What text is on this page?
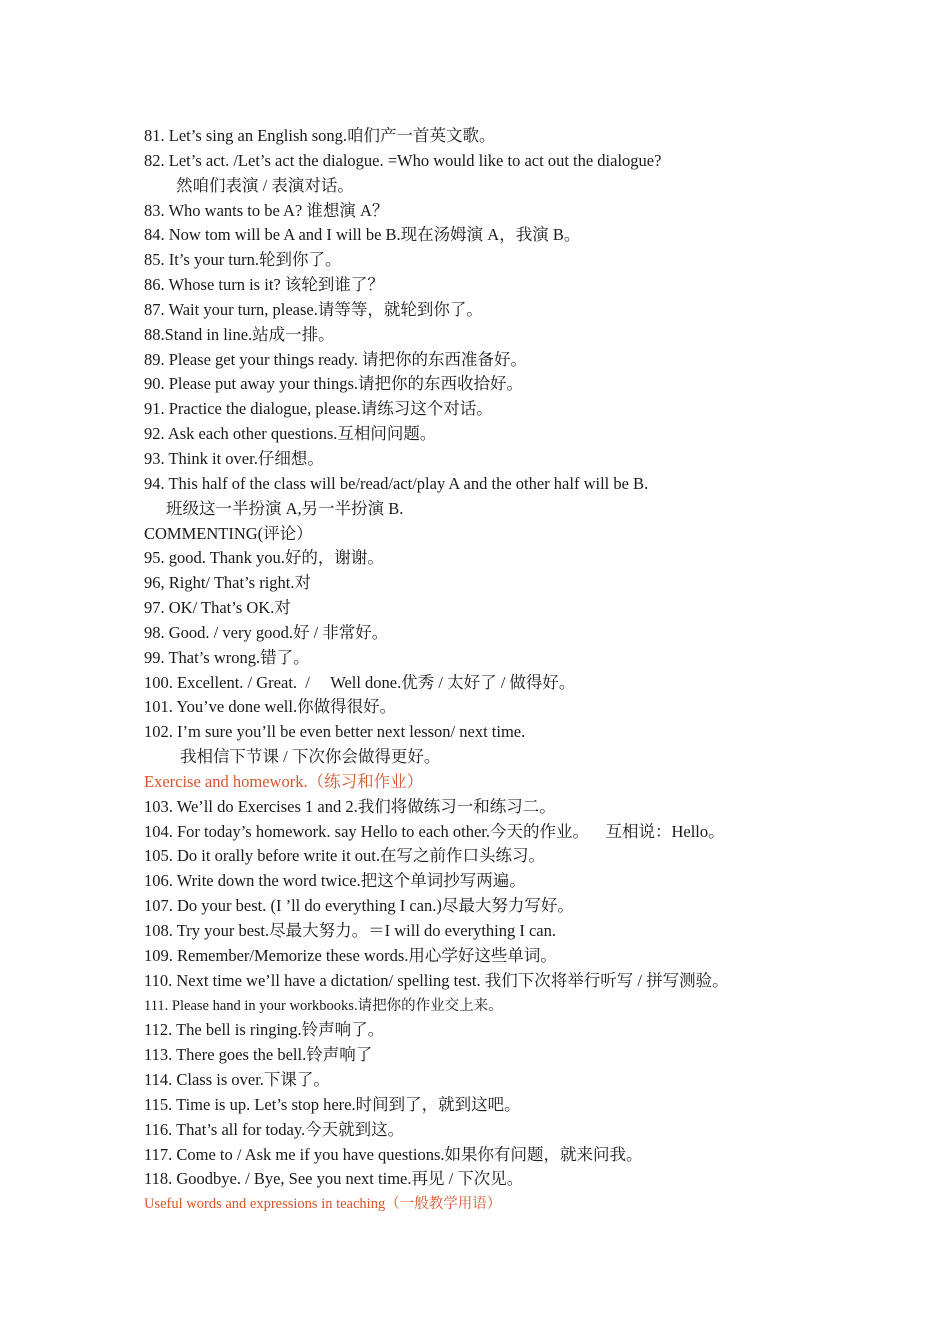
81. Let’s sing an English song.咱们产一首英文歌。
82. Let’s act. /Let’s act the dialogue. =Who would like to act out the dialogue?
然咱们表演 / 表演对话。
83. Who wants to be A? 谁想演 A？
84. Now tom will be A and I will be B.现在汤姆演 A，我演 B。
85. It’s your turn.轮到你了。
86. Whose turn is it? 该轮到谁了？
87. Wait your turn, please.请等等，就轮到你了。
88.Stand in line.站成一排。
89. Please get your things ready. 请把你的东西准备好。
90. Please put away your things.请把你的东西收拾好。
91. Practice the dialogue, please.请练习这个对话。
92. Ask each other questions.互相问问题。
93. Think it over.仔细想。
94. This half of the class will be/read/act/play A and the other half will be B.
班级这一半扮演 A,另一半扮演 B.
COMMENTING(评论）
95. good. Thank you.好的，谢谢。
96, Right/ That’s right.对
97. OK/ That’s OK.对
98. Good. / very good.好 / 非常好。
99. That’s wrong.错了。
100. Excellent. / Great.  /     Well done.优秀 / 太好了 / 做得好。
101. You’ve done well.你做得很好。
102. I’m sure you’ll be even better next lesson/ next time.
我相信下节课 / 下次你会做得更好。
Exercise and homework.（练习和作业）
103. We’ll do Exercises 1 and 2.我们将做练习一和练习二。
104. For today’s homework. say Hello to each other.今天的作业。    互相说：Hello。
105. Do it orally before write it out.在写之前作口头练习。
106. Write down the word twice.把这个单词抄写两遍。
107. Do your best. (I ’ll do everything I can.)尽最大努力写好。
108. Try your best.尽最大努力。＝I will do everything I can.
109. Remember/Memorize these words.用心学好这些单词。
110. Next time we’ll have a dictation/ spelling test. 我们下次将举行听写 / 拼写测验。
111. Please hand in your workbooks.请把你的作业交上来。
112. The bell is ringing.铃声响了。
113. There goes the bell.铃声响了
114. Class is over.下课了。
115. Time is up. Let’s stop here.时间到了，就到这吧。
116. That’s all for today.今天就到这。
117. Come to / Ask me if you have questions.如果你有问题，就来问我。
118. Goodbye. / Bye, See you next time.再见 / 下次见。
Useful words and expressions in teaching（一般教学用语）
